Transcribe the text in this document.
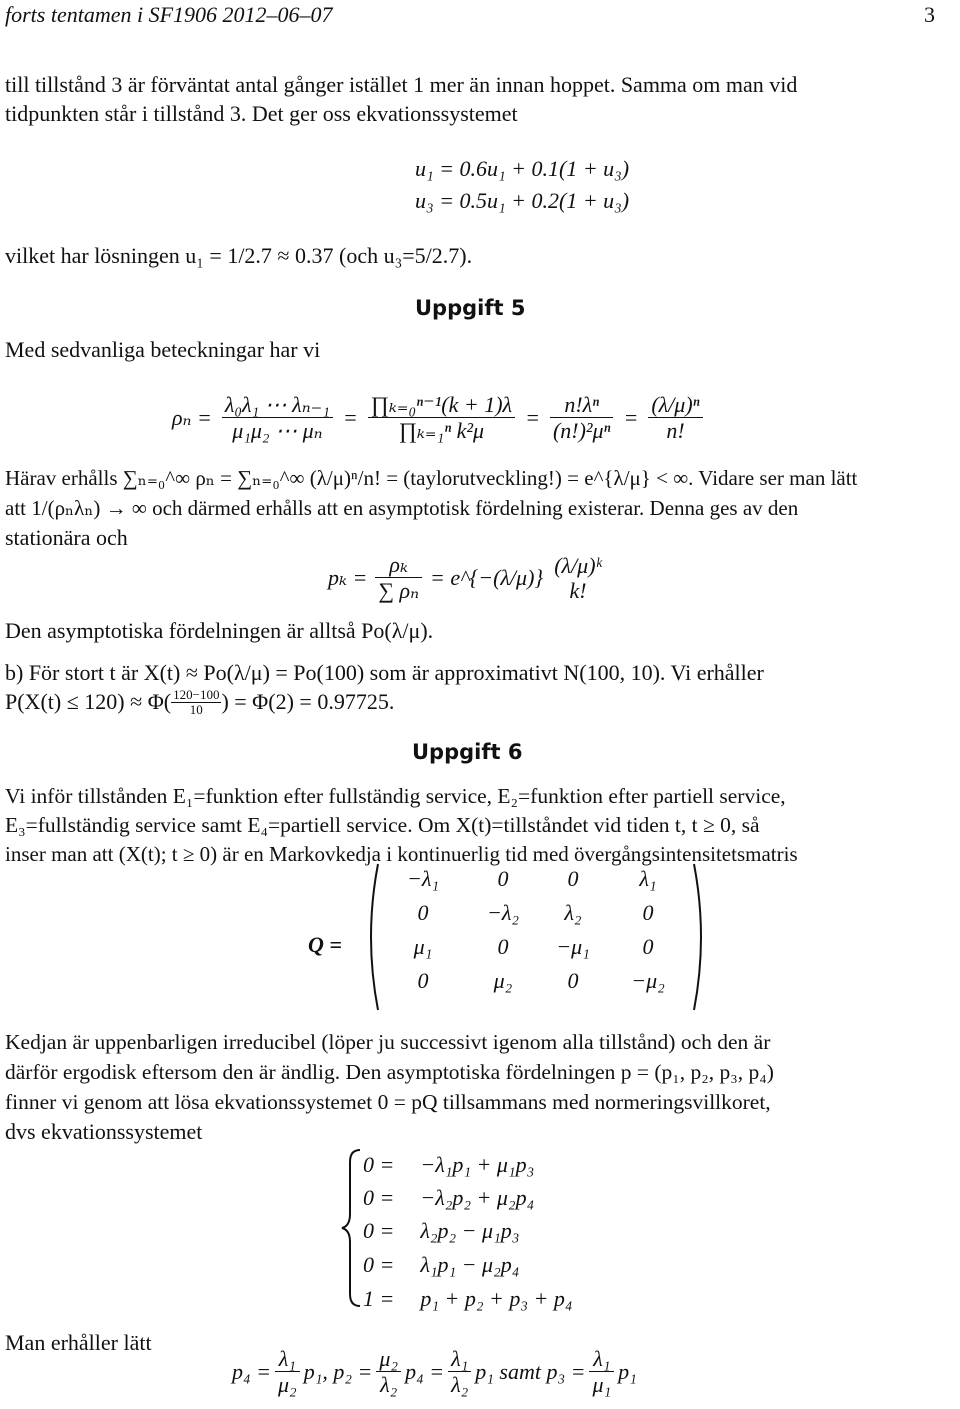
forts tentamen i SF1906 2012–06–07	3
till tillstånd 3 är förväntat antal gånger istället 1 mer än innan hoppet. Samma om man vid
tidpunkten står i tillstånd 3. Det ger oss ekvationssystemet
u₁ = 0.6u₁ + 0.1(1 + u₃)
u₃ = 0.5u₁ + 0.2(1 + u₃)
vilket har lösningen u₁ = 1/2.7 ≈ 0.37 (och u₃=5/2.7).
Uppgift 5
Med sedvanliga beteckningar har vi
$\rho_n = \frac{\text{λ₀λ₁ ⋯ λₙ₋₁}}{\text{μ₁μ₂ ⋯ μₙ}} = \frac{\text{∏ₖ₌₀ⁿ⁻¹(k + 1)λ}}{\text{∏ₖ₌₁ⁿ k²μ}} = \frac{\text{n!λⁿ}}{\text{(n!)²μⁿ}} = \frac{\text{(λ/μ)ⁿ}}{n!}$
Härav erhålls ∑ₙ₌₀^∞ ρₙ = ∑ₙ₌₀^∞ (λ/μ)ⁿ/n! = (taylorutveckling!) = e^{λ/μ} < ∞. Vidare ser man lätt
att 1/(ρₙλₙ) → ∞ och därmed erhålls att en asymptotisk fördelning existerar. Denna ges av den
stationära och
$p_k = \frac{\text{ρₖ}}{\text{∑ ρₙ}}$ = e^{−(λ/μ)}
(λ/μ)ᵏ
k!
Den asymptotiska fördelningen är alltså Po(λ/μ).
b) För stort t är X(t) ≈ Po(λ/μ) = Po(100) som är approximativt N(100, 10). Vi erhåller
$P(X(t) \le 120) \approx \Phi( \frac{120-100}{10}$ ) = Φ(2) = 0.97725.
Uppgift 6
Vi inför tillstånden E₁=funktion efter fullständig service, E₂=funktion efter partiell service,
E₃=fullständig service samt E₄=partiell service. Om X(t)=tillståndet vid tiden t, t ≥ 0, så
inser man att (X(t); t ≥ 0) är en Markovkedja i kontinuerlig tid med övergångsintensitetsmatris
Q =
−λ₁	0	0	λ₁
0	−λ₂	λ₂	0
μ₁	0	−μ₁	0
0	μ₂	0	−μ₂
Kedjan är uppenbarligen irreducibel (löper ju successivt igenom alla tillstånd) och den är
därför ergodisk eftersom den är ändlig. Den asymptotiska fördelningen p = (p₁, p₂, p₃, p₄)
finner vi genom att lösa ekvationssystemet 0 = pQ tillsammans med normeringsvillkoret,
dvs ekvationssystemet
0 = −λ₁p₁ + μ₁p₃
0 = −λ₂p₂ + μ₂p₄
0 = λ₂p₂ − μ₁p₃
0 = λ₁p₁ − μ₂p₄
1 = p₁ + p₂ + p₃ + p₄
Man erhåller lätt
$p_4 = \frac{\text{λ₁}}{\text{μ₂}} p_1$, $p_2 = \frac{\text{μ₂}}{\text{λ₂}} p_4 = \frac{\text{λ₁}}{\text{λ₂}} p_1$ samt $p_3 = \frac{\text{λ₁}}{\text{μ₁}} p_1$
